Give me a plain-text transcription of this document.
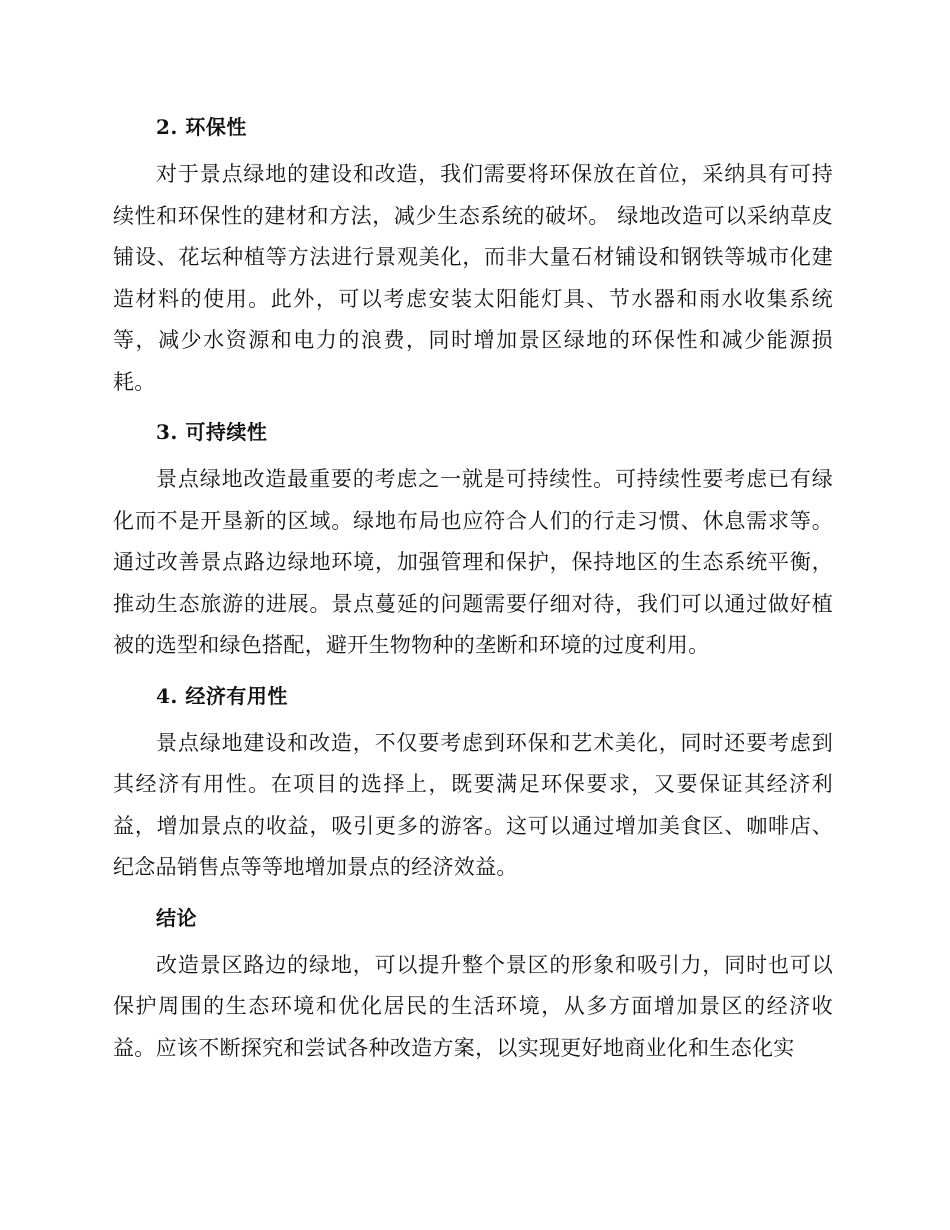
2. 环保性

对于景点绿地的建设和改造，我们需要将环保放在首位，采纳具有可持续性和环保性的建材和方法，减少生态系统的破坏。 绿地改造可以采纳草皮铺设、花坛种植等方法进行景观美化，而非大量石材铺设和钢铁等城市化建造材料的使用。此外，可以考虑安装太阳能灯具、节水器和雨水收集系统等，减少水资源和电力的浪费，同时增加景区绿地的环保性和减少能源损耗。

3. 可持续性

景点绿地改造最重要的考虑之一就是可持续性。可持续性要考虑已有绿化而不是开垦新的区域。绿地布局也应符合人们的行走习惯、休息需求等。通过改善景点路边绿地环境，加强管理和保护，保持地区的生态系统平衡，推动生态旅游的进展。景点蔓延的问题需要仔细对待，我们可以通过做好植被的选型和绿色搭配，避开生物物种的垄断和环境的过度利用。

4. 经济有用性

景点绿地建设和改造，不仅要考虑到环保和艺术美化，同时还要考虑到其经济有用性。在项目的选择上，既要满足环保要求，又要保证其经济利益，增加景点的收益，吸引更多的游客。这可以通过增加美食区、咖啡店、纪念品销售点等等地增加景点的经济效益。

结论

改造景区路边的绿地，可以提升整个景区的形象和吸引力，同时也可以保护周围的生态环境和优化居民的生活环境，从多方面增加景区的经济收益。应该不断探究和尝试各种改造方案，以实现更好地商业化和生态化实
